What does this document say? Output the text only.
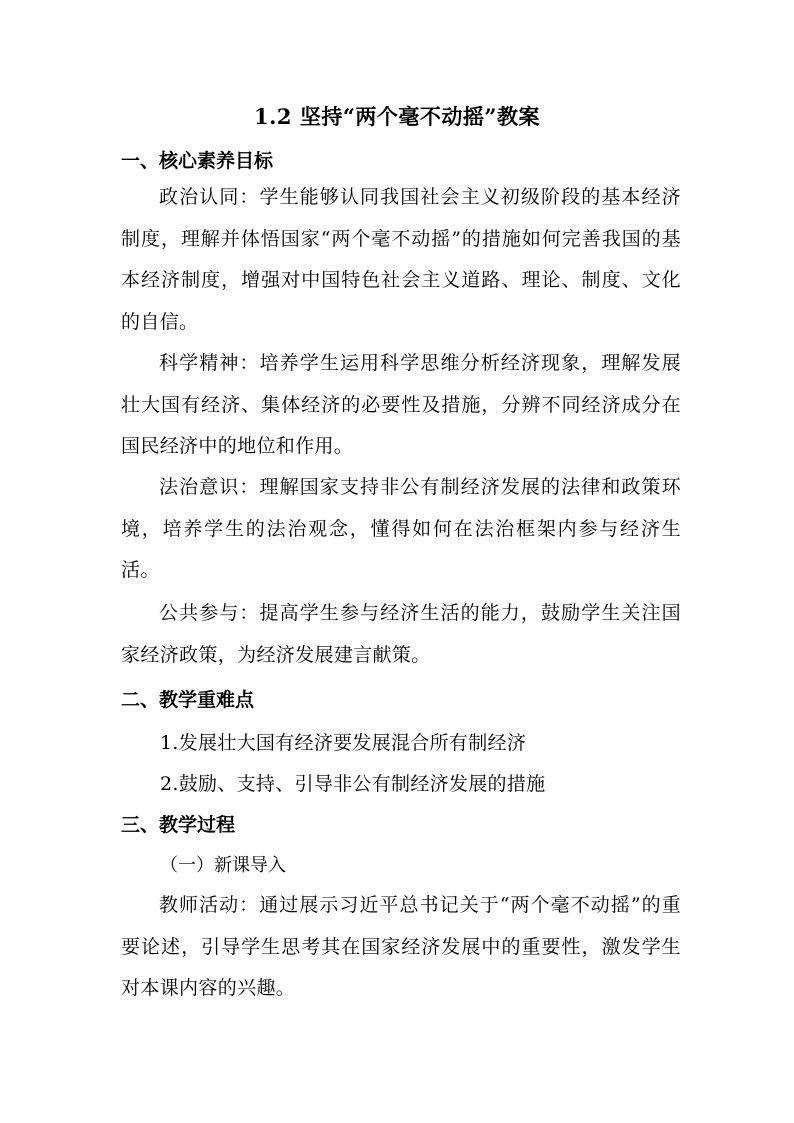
1.2 坚持“两个毫不动摇”教案
一、核心素养目标

政治认同：学生能够认同我国社会主义初级阶段的基本经济制度，理解并体悟国家“两个毫不动摇”的措施如何完善我国的基本经济制度，增强对中国特色社会主义道路、理论、制度、文化的自信。

科学精神：培养学生运用科学思维分析经济现象，理解发展壮大国有经济、集体经济的必要性及措施，分辨不同经济成分在国民经济中的地位和作用。

法治意识：理解国家支持非公有制经济发展的法律和政策环境，培养学生的法治观念，懂得如何在法治框架内参与经济生活。

公共参与：提高学生参与经济生活的能力，鼓励学生关注国家经济政策，为经济发展建言献策。

二、教学重难点
1.发展壮大国有经济要发展混合所有制经济
2.鼓励、支持、引导非公有制经济发展的措施
三、教学过程
（一）新课导入

教师活动：通过展示习近平总书记关于“两个毫不动摇”的重要论述，引导学生思考其在国家经济发展中的重要性，激发学生对本课内容的兴趣。
